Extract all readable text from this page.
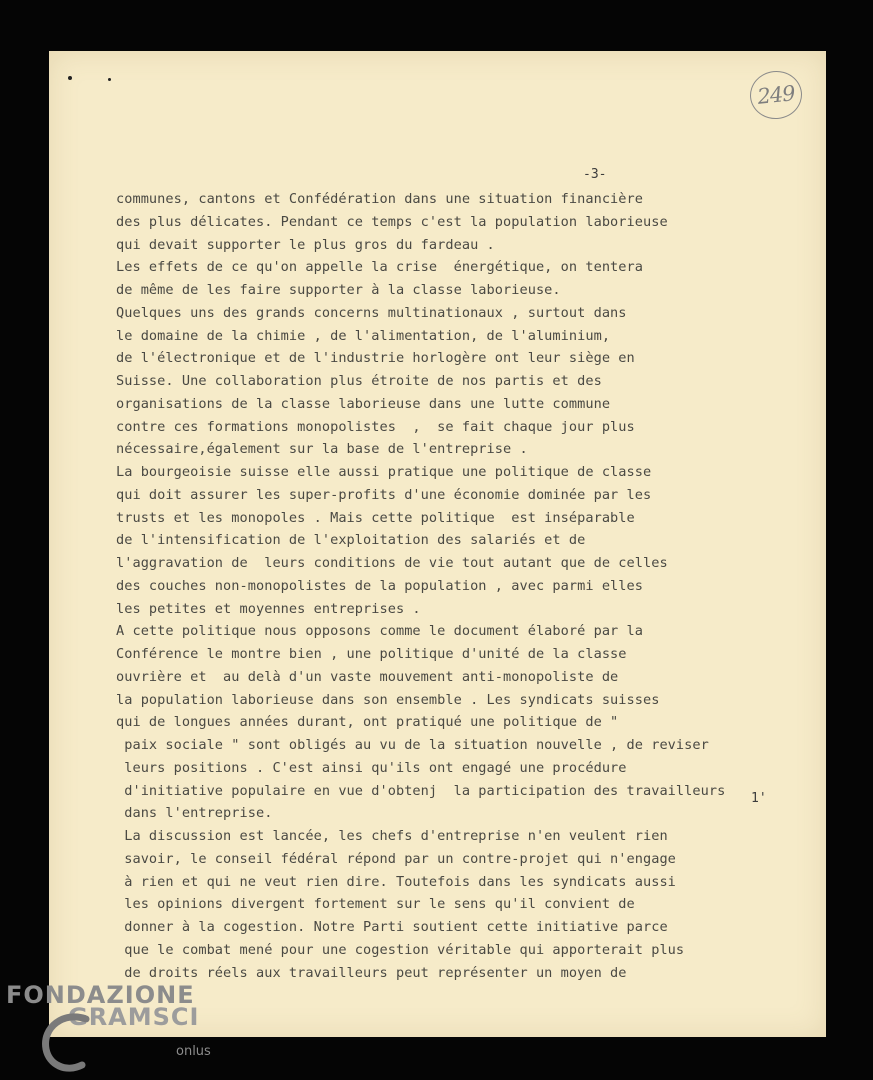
249
-3-
communes, cantons et Confédération dans une situation financière
des plus délicates. Pendant ce temps c'est la population laborieuse
qui devait supporter le plus gros du fardeau .
Les effets de ce qu'on appelle la crise  énergétique, on tentera
de même de les faire supporter à la classe laborieuse.
Quelques uns des grands concerns multinationaux , surtout dans
le domaine de la chimie , de l'alimentation, de l'aluminium,
de l'électronique et de l'industrie horlogère ont leur siège en
Suisse. Une collaboration plus étroite de nos partis et des
organisations de la classe laborieuse dans une lutte commune
contre ces formations monopolistes  ,  se fait chaque jour plus
nécessaire,également sur la base de l'entreprise .
La bourgeoisie suisse elle aussi pratique une politique de classe
qui doit assurer les super-profits d'une économie dominée par les
trusts et les monopoles . Mais cette politique  est inséparable
de l'intensification de l'exploitation des salariés et de
l'aggravation de  leurs conditions de vie tout autant que de celles
des couches non-monopolistes de la population , avec parmi elles
les petites et moyennes entreprises .
A cette politique nous opposons comme le document élaboré par la
Conférence le montre bien , une politique d'unité de la classe
ouvrière et  au delà d'un vaste mouvement anti-monopoliste de
la population laborieuse dans son ensemble . Les syndicats suisses
qui de longues années durant, ont pratiqué une politique de "
paix sociale " sont obligés au vu de la situation nouvelle , de reviser
leurs positions . C'est ainsi qu'ils ont engagé une procédure
d'initiative populaire en vue d'obtenj  la participation des travailleurs
dans l'entreprise.
La discussion est lancée, les chefs d'entreprise n'en veulent rien
savoir, le conseil fédéral répond par un contre-projet qui n'engage
à rien et qui ne veut rien dire. Toutefois dans les syndicats aussi
les opinions divergent fortement sur le sens qu'il convient de
donner à la cogestion. Notre Parti soutient cette initiative parce
que le combat mené pour une cogestion véritable qui apporterait plus
de droits réels aux travailleurs peut représenter un moyen de
1'
FONDAZIONE
GRAMSCI
onlus
